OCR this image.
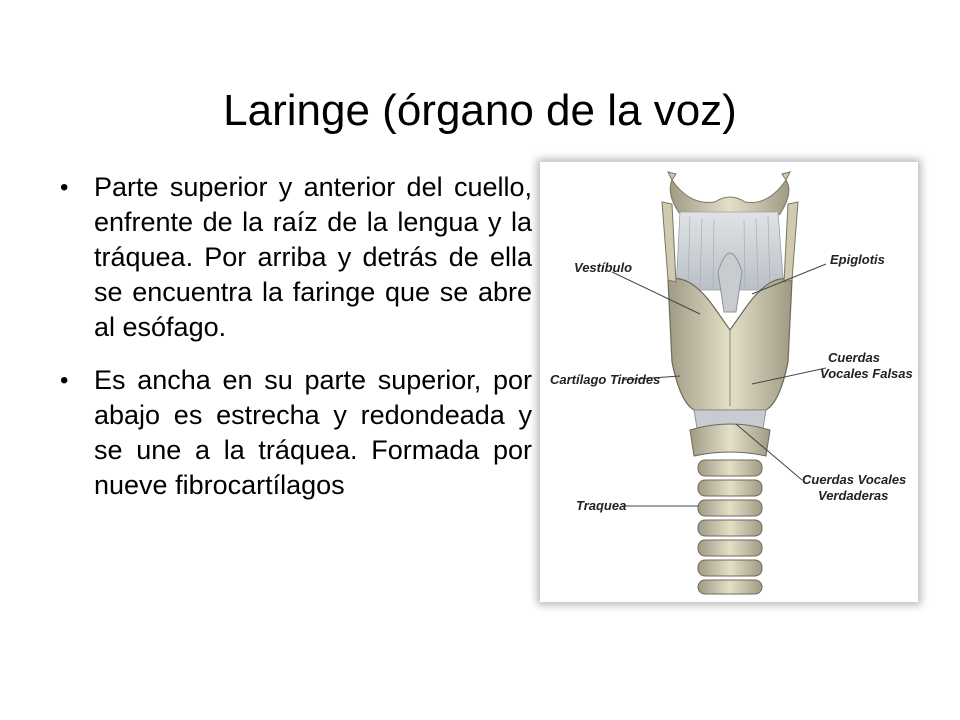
Laringe (órgano de la voz)
• Parte superior y anterior del cuello, enfrente de la raíz de la lengua y la tráquea. Por arriba y detrás de ella se encuentra la faringe que se abre al esófago.
• Es ancha en su parte superior, por abajo es estrecha y redondeada y se une a la tráquea. Formada por nueve fibrocartílagos
Vestíbulo
Epiglotis
Cartílago Tiroides
Cuerdas
Vocales Falsas
Cuerdas Vocales
Verdaderas
Traquea
